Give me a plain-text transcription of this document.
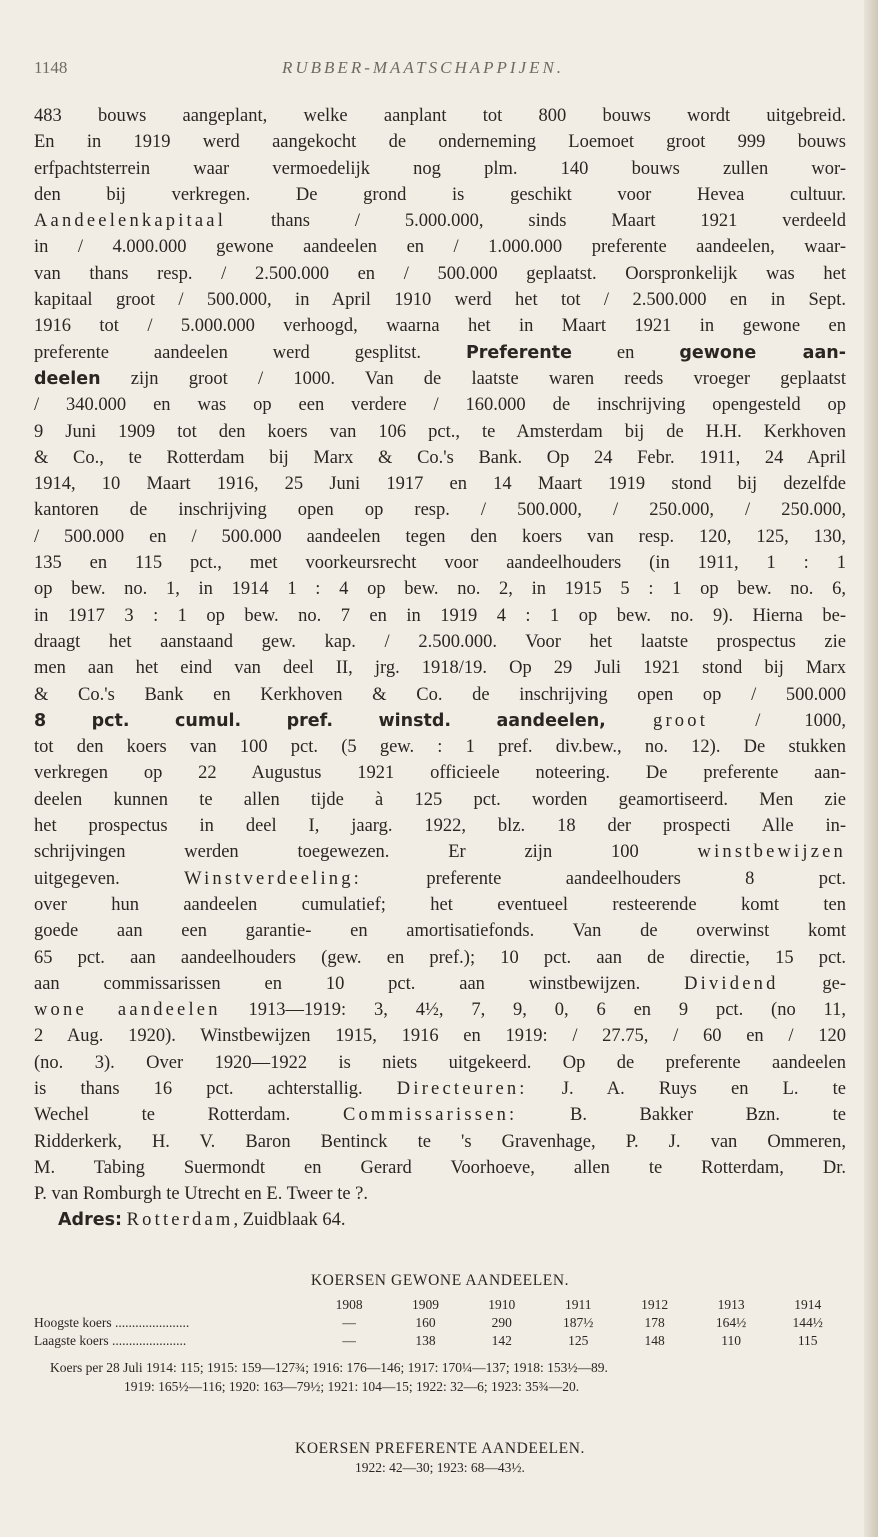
1148	RUBBER-MAATSCHAPPIJEN.
483 bouws aangeplant, welke aanplant tot 800 bouws wordt uitgebreid.
En in 1919 werd aangekocht de onderneming Loemoet groot 999 bouws
erfpachtsterrein waar vermoedelijk nog plm. 140 bouws zullen wor-
den bij verkregen. De grond is geschikt voor Hevea cultuur.
Aandeelenkapitaal thans / 5.000.000, sinds Maart 1921 verdeeld
in / 4.000.000 gewone aandeelen en / 1.000.000 preferente aandeelen, waar-
van thans resp. / 2.500.000 en / 500.000 geplaatst. Oorspronkelijk was het
kapitaal groot / 500.000, in April 1910 werd het tot / 2.500.000 en in Sept.
1916 tot / 5.000.000 verhoogd, waarna het in Maart 1921 in gewone en
preferente aandeelen werd gesplitst. Preferente en gewone aan-
deelen zijn groot / 1000. Van de laatste waren reeds vroeger geplaatst
/ 340.000 en was op een verdere / 160.000 de inschrijving opengesteld op
9 Juni 1909 tot den koers van 106 pct., te Amsterdam bij de H.H. Kerkhoven
& Co., te Rotterdam bij Marx & Co.'s Bank. Op 24 Febr. 1911, 24 April
1914, 10 Maart 1916, 25 Juni 1917 en 14 Maart 1919 stond bij dezelfde
kantoren de inschrijving open op resp. / 500.000, / 250.000, / 250.000,
/ 500.000 en / 500.000 aandeelen tegen den koers van resp. 120, 125, 130,
135 en 115 pct., met voorkeursrecht voor aandeelhouders (in 1911, 1 : 1
op bew. no. 1, in 1914 1 : 4 op bew. no. 2, in 1915 5 : 1 op bew. no. 6,
in 1917 3 : 1 op bew. no. 7 en in 1919 4 : 1 op bew. no. 9). Hierna be-
draagt het aanstaand gew. kap. / 2.500.000. Voor het laatste prospectus zie
men aan het eind van deel II, jrg. 1918/19. Op 29 Juli 1921 stond bij Marx
& Co.'s Bank en Kerkhoven & Co. de inschrijving open op / 500.000
8 pct. cumul. pref. winstd. aandeelen, groot / 1000,
tot den koers van 100 pct. (5 gew. : 1 pref. div.bew., no. 12). De stukken
verkregen op 22 Augustus 1921 officieele noteering. De preferente aan-
deelen kunnen te allen tijde à 125 pct. worden geamortiseerd. Men zie
het prospectus in deel I, jaarg. 1922, blz. 18 der prospecti Alle in-
schrijvingen werden toegewezen. Er zijn 100 winstbewijzen
uitgegeven. Winstverdeeling: preferente aandeelhouders 8 pct.
over hun aandeelen cumulatief; het eventueel resteerende komt ten
goede aan een garantie- en amortisatiefonds. Van de overwinst komt
65 pct. aan aandeelhouders (gew. en pref.); 10 pct. aan de directie, 15 pct.
aan commissarissen en 10 pct. aan winstbewijzen. Dividend ge-
wone aandeelen 1913—1919: 3, 4½, 7, 9, 0, 6 en 9 pct. (no 11,
2 Aug. 1920). Winstbewijzen 1915, 1916 en 1919: / 27.75, / 60 en / 120
(no. 3). Over 1920—1922 is niets uitgekeerd. Op de preferente aandeelen
is thans 16 pct. achterstallig. Directeuren: J. A. Ruys en L. te
Wechel te Rotterdam. Commissarissen: B. Bakker Bzn. te
Ridderkerk, H. V. Baron Bentinck te 's Gravenhage, P. J. van Ommeren,
M. Tabing Suermondt en Gerard Voorhoeve, allen te Rotterdam, Dr.
P. van Romburgh te Utrecht en E. Tweer te ?.
Adres: Rotterdam, Zuidblaak 64.
KOERSEN GEWONE AANDEELEN.
	1908	1909	1910	1911	1912	1913	1914
Hoogste koers ......................	—	160	290	187½	178	164½	144½
Laagste koers ......................	—	138	142	125	148	110	115
Koers per 28 Juli 1914: 115; 1915: 159—127¾; 1916: 176—146; 1917: 170¼—137; 1918: 153½—89.
1919: 165½—116; 1920: 163—79½; 1921: 104—15; 1922: 32—6; 1923: 35¾—20.
KOERSEN PREFERENTE AANDEELEN.
1922: 42—30; 1923: 68—43½.
